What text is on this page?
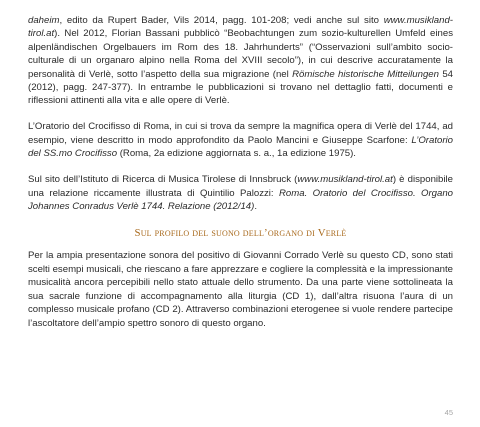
daheim, edito da Rupert Bader, Vils 2014, pagg. 101-208; vedi anche sul sito www.musikland-tirol.at). Nel 2012, Florian Bassani pubblicò “Beobachtungen zum sozio-kulturellen Umfeld eines alpenländischen Orgelbauers im Rom des 18. Jahrhunderts” (“Osservazioni sull’ambito socio-culturale di un organaro alpino nella Roma del XVIII secolo”), in cui descrive accuratamente la personalità di Verlè, sotto l’aspetto della sua migrazione (nel Römische historische Mitteilungen 54 (2012), pagg. 247-377). In entrambe le pubblicazioni si trovano nel dettaglio fatti, documenti e riflessioni attinenti alla vita e alle opere di Verlè.

L’Oratorio del Crocifisso di Roma, in cui si trova da sempre la magnifica opera di Verlè del 1744, ad esempio, viene descritto in modo approfondito da Paolo Mancini e Giuseppe Scarfone: L’Oratorio del SS.mo Crocifisso (Roma, 2a edizione aggiornata s. a., 1a edizione 1975).

Sul sito dell’Istituto di Ricerca di Musica Tirolese di Innsbruck (www.musikland-tirol.at) è disponibile una relazione riccamente illustrata di Quintilio Palozzi: Roma. Oratorio del Crocifisso. Organo Johannes Conradus Verlè 1744. Relazione (2012/14).

Sul profilo del suono dell’organo di Verlè

Per la ampia presentazione sonora del positivo di Giovanni Corrado Verlè su questo CD, sono stati scelti esempi musicali, che riescano a fare apprezzare e cogliere la complessità e la impressionante musicalità ancora percepibili nello stato attuale dello strumento. Da una parte viene sottolineata la sua sacrale funzione di accompagnamento alla liturgia (CD 1), dall’altra risuona l’aura di un complesso musicale profano (CD 2). Attraverso combinazioni eterogenee si vuole rendere partecipe l’ascoltatore dell’ampio spettro sonoro di questo organo.

45
